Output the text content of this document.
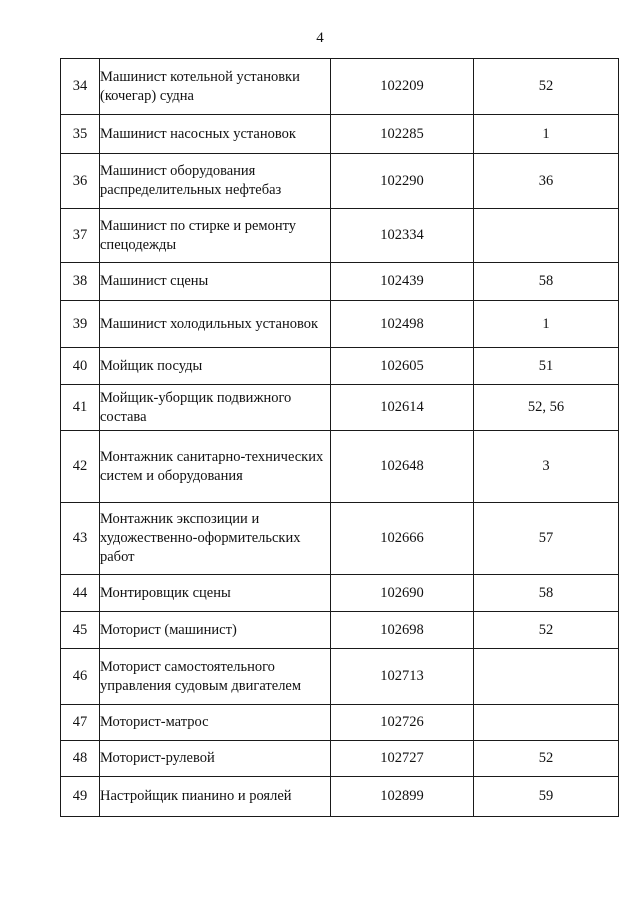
4
34	Машинист котельной установки (кочегар) судна	102209	52
35	Машинист насосных установок	102285	1
36	Машинист оборудования распределительных нефтебаз	102290	36
37	Машинист по стирке и ремонту спецодежды	102334	
38	Машинист сцены	102439	58
39	Машинист холодильных установок	102498	1
40	Мойщик посуды	102605	51
41	Мойщик-уборщик подвижного состава	102614	52, 56
42	Монтажник санитарно-технических систем и оборудования	102648	3
43	Монтажник экспозиции и художественно-оформительских работ	102666	57
44	Монтировщик сцены	102690	58
45	Моторист (машинист)	102698	52
46	Моторист самостоятельного управления судовым двигателем	102713	
47	Моторист-матрос	102726	
48	Моторист-рулевой	102727	52
49	Настройщик пианино и роялей	102899	59
